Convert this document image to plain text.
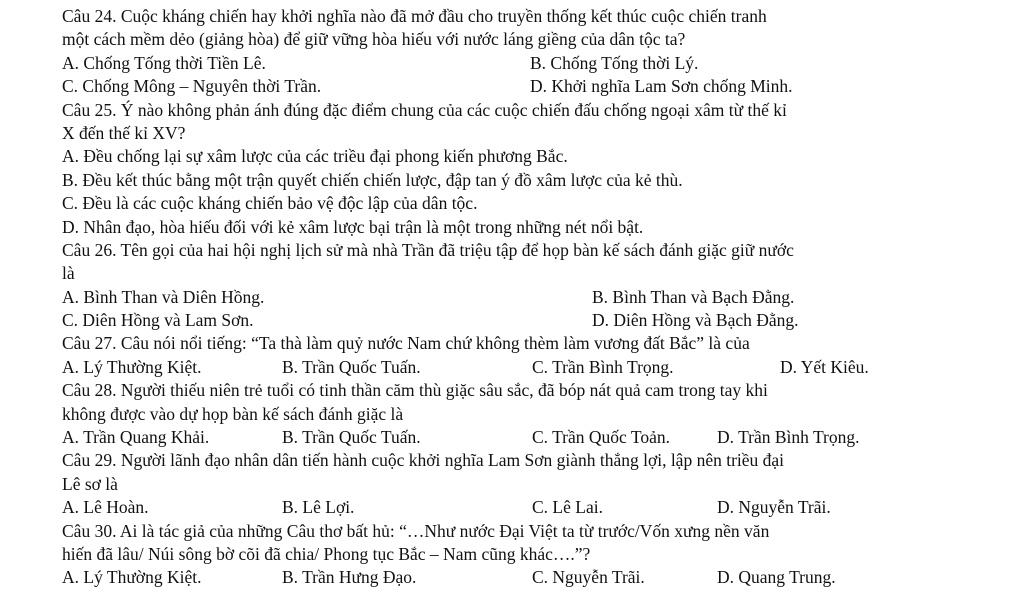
Câu 24. Cuộc kháng chiến hay khởi nghĩa nào đã mở đầu cho truyền thống kết thúc cuộc chiến tranh
một cách mềm dẻo (giảng hòa) để giữ vững hòa hiếu với nước láng giềng của dân tộc ta?
A. Chống Tống thời Tiền Lê.	B. Chống Tống thời Lý.
C. Chống Mông – Nguyên thời Trần.	D. Khởi nghĩa Lam Sơn chống Minh.
Câu 25. Ý nào không phản ánh đúng đặc điểm chung của các cuộc chiến đấu chống ngoại xâm từ thế kỉ
X đến thế kỉ XV?
A. Đều chống lại sự xâm lược của các triều đại phong kiến phương Bắc.
B. Đều kết thúc bằng một trận quyết chiến chiến lược, đập tan ý đồ xâm lược của kẻ thù.
C. Đều là các cuộc kháng chiến bảo vệ độc lập của dân tộc.
D. Nhân đạo, hòa hiếu đối với kẻ xâm lược bại trận là một trong những nét nổi bật.
Câu 26. Tên gọi của hai hội nghị lịch sử mà nhà Trần đã triệu tập để họp bàn kế sách đánh giặc giữ nước
là
A. Bình Than và Diên Hồng.	B. Bình Than và Bạch Đằng.
C. Diên Hồng và Lam Sơn.	D. Diên Hồng và Bạch Đằng.
Câu 27. Câu nói nổi tiếng: “Ta thà làm quỷ nước Nam chứ không thèm làm vương đất Bắc” là của
A. Lý Thường Kiệt.	B. Trần Quốc Tuấn.	C. Trần Bình Trọng.	D. Yết Kiêu.
Câu 28. Người thiếu niên trẻ tuổi có tinh thần căm thù giặc sâu sắc, đã bóp nát quả cam trong tay khi
không được vào dự họp bàn kế sách đánh giặc là
A. Trần Quang Khải.	B. Trần Quốc Tuấn.	C. Trần Quốc Toản.	D. Trần Bình Trọng.
Câu 29. Người lãnh đạo nhân dân tiến hành cuộc khởi nghĩa Lam Sơn giành thắng lợi, lập nên triều đại
Lê sơ là
A. Lê Hoàn.	B. Lê Lợi.	C. Lê Lai.	D. Nguyễn Trãi.
Câu 30. Ai là tác giả của những Câu thơ bất hủ: “…Như nước Đại Việt ta từ trước/Vốn xưng nền văn
hiến đã lâu/ Núi sông bờ cõi đã chia/ Phong tục Bắc – Nam cũng khác….”?
A. Lý Thường Kiệt.	B. Trần Hưng Đạo.	C. Nguyễn Trãi.	D. Quang Trung.
